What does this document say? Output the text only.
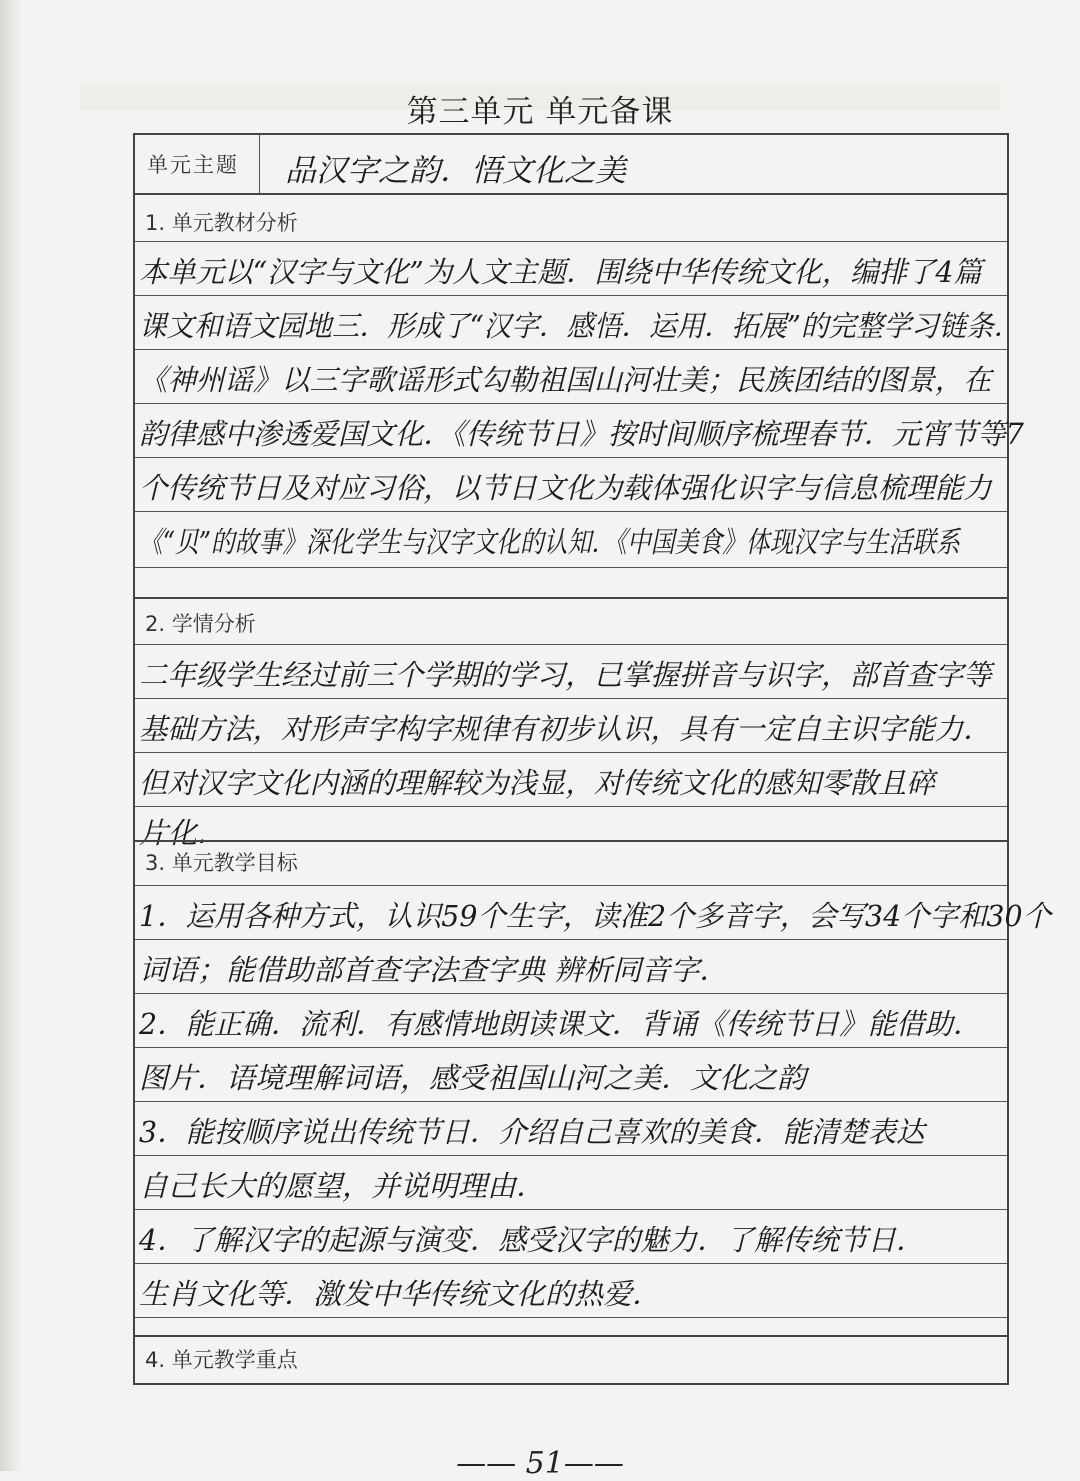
第三单元 单元备课
单元主题 品汉字之韵．悟文化之美
1. 单元教材分析
本单元以“汉字与文化”为人文主题．围绕中华传统文化，编排了4篇
课文和语文园地三．形成了“汉字．感悟．运用．拓展”的完整学习链条．
《神州谣》以三字歌谣形式勾勒祖国山河壮美；民族团结的图景，在
韵律感中渗透爱国文化．《传统节日》按时间顺序梳理春节．元宵节等7
个传统节日及对应习俗，以节日文化为载体强化识字与信息梳理能力
《“贝”的故事》深化学生与汉字文化的认知．《中国美食》体现汉字与生活联系
2. 学情分析
二年级学生经过前三个学期的学习，已掌握拼音与识字，部首查字等
基础方法，对形声字构字规律有初步认识，具有一定自主识字能力．
但对汉字文化内涵的理解较为浅显，对传统文化的感知零散且碎
片化．
3. 单元教学目标
1．运用各种方式，认识59个生字，读准2个多音字，会写34个字和30个
词语；能借助部首查字法查字典 辨析同音字．
2．能正确．流利．有感情地朗读课文．背诵《传统节日》能借助．
图片．语境理解词语，感受祖国山河之美．文化之韵
3．能按顺序说出传统节日．介绍自己喜欢的美食．能清楚表达
自己长大的愿望，并说明理由．
4．了解汉字的起源与演变．感受汉字的魅力．了解传统节日．
生肖文化等．激发中华传统文化的热爱．
4. 单元教学重点
—— 51——
